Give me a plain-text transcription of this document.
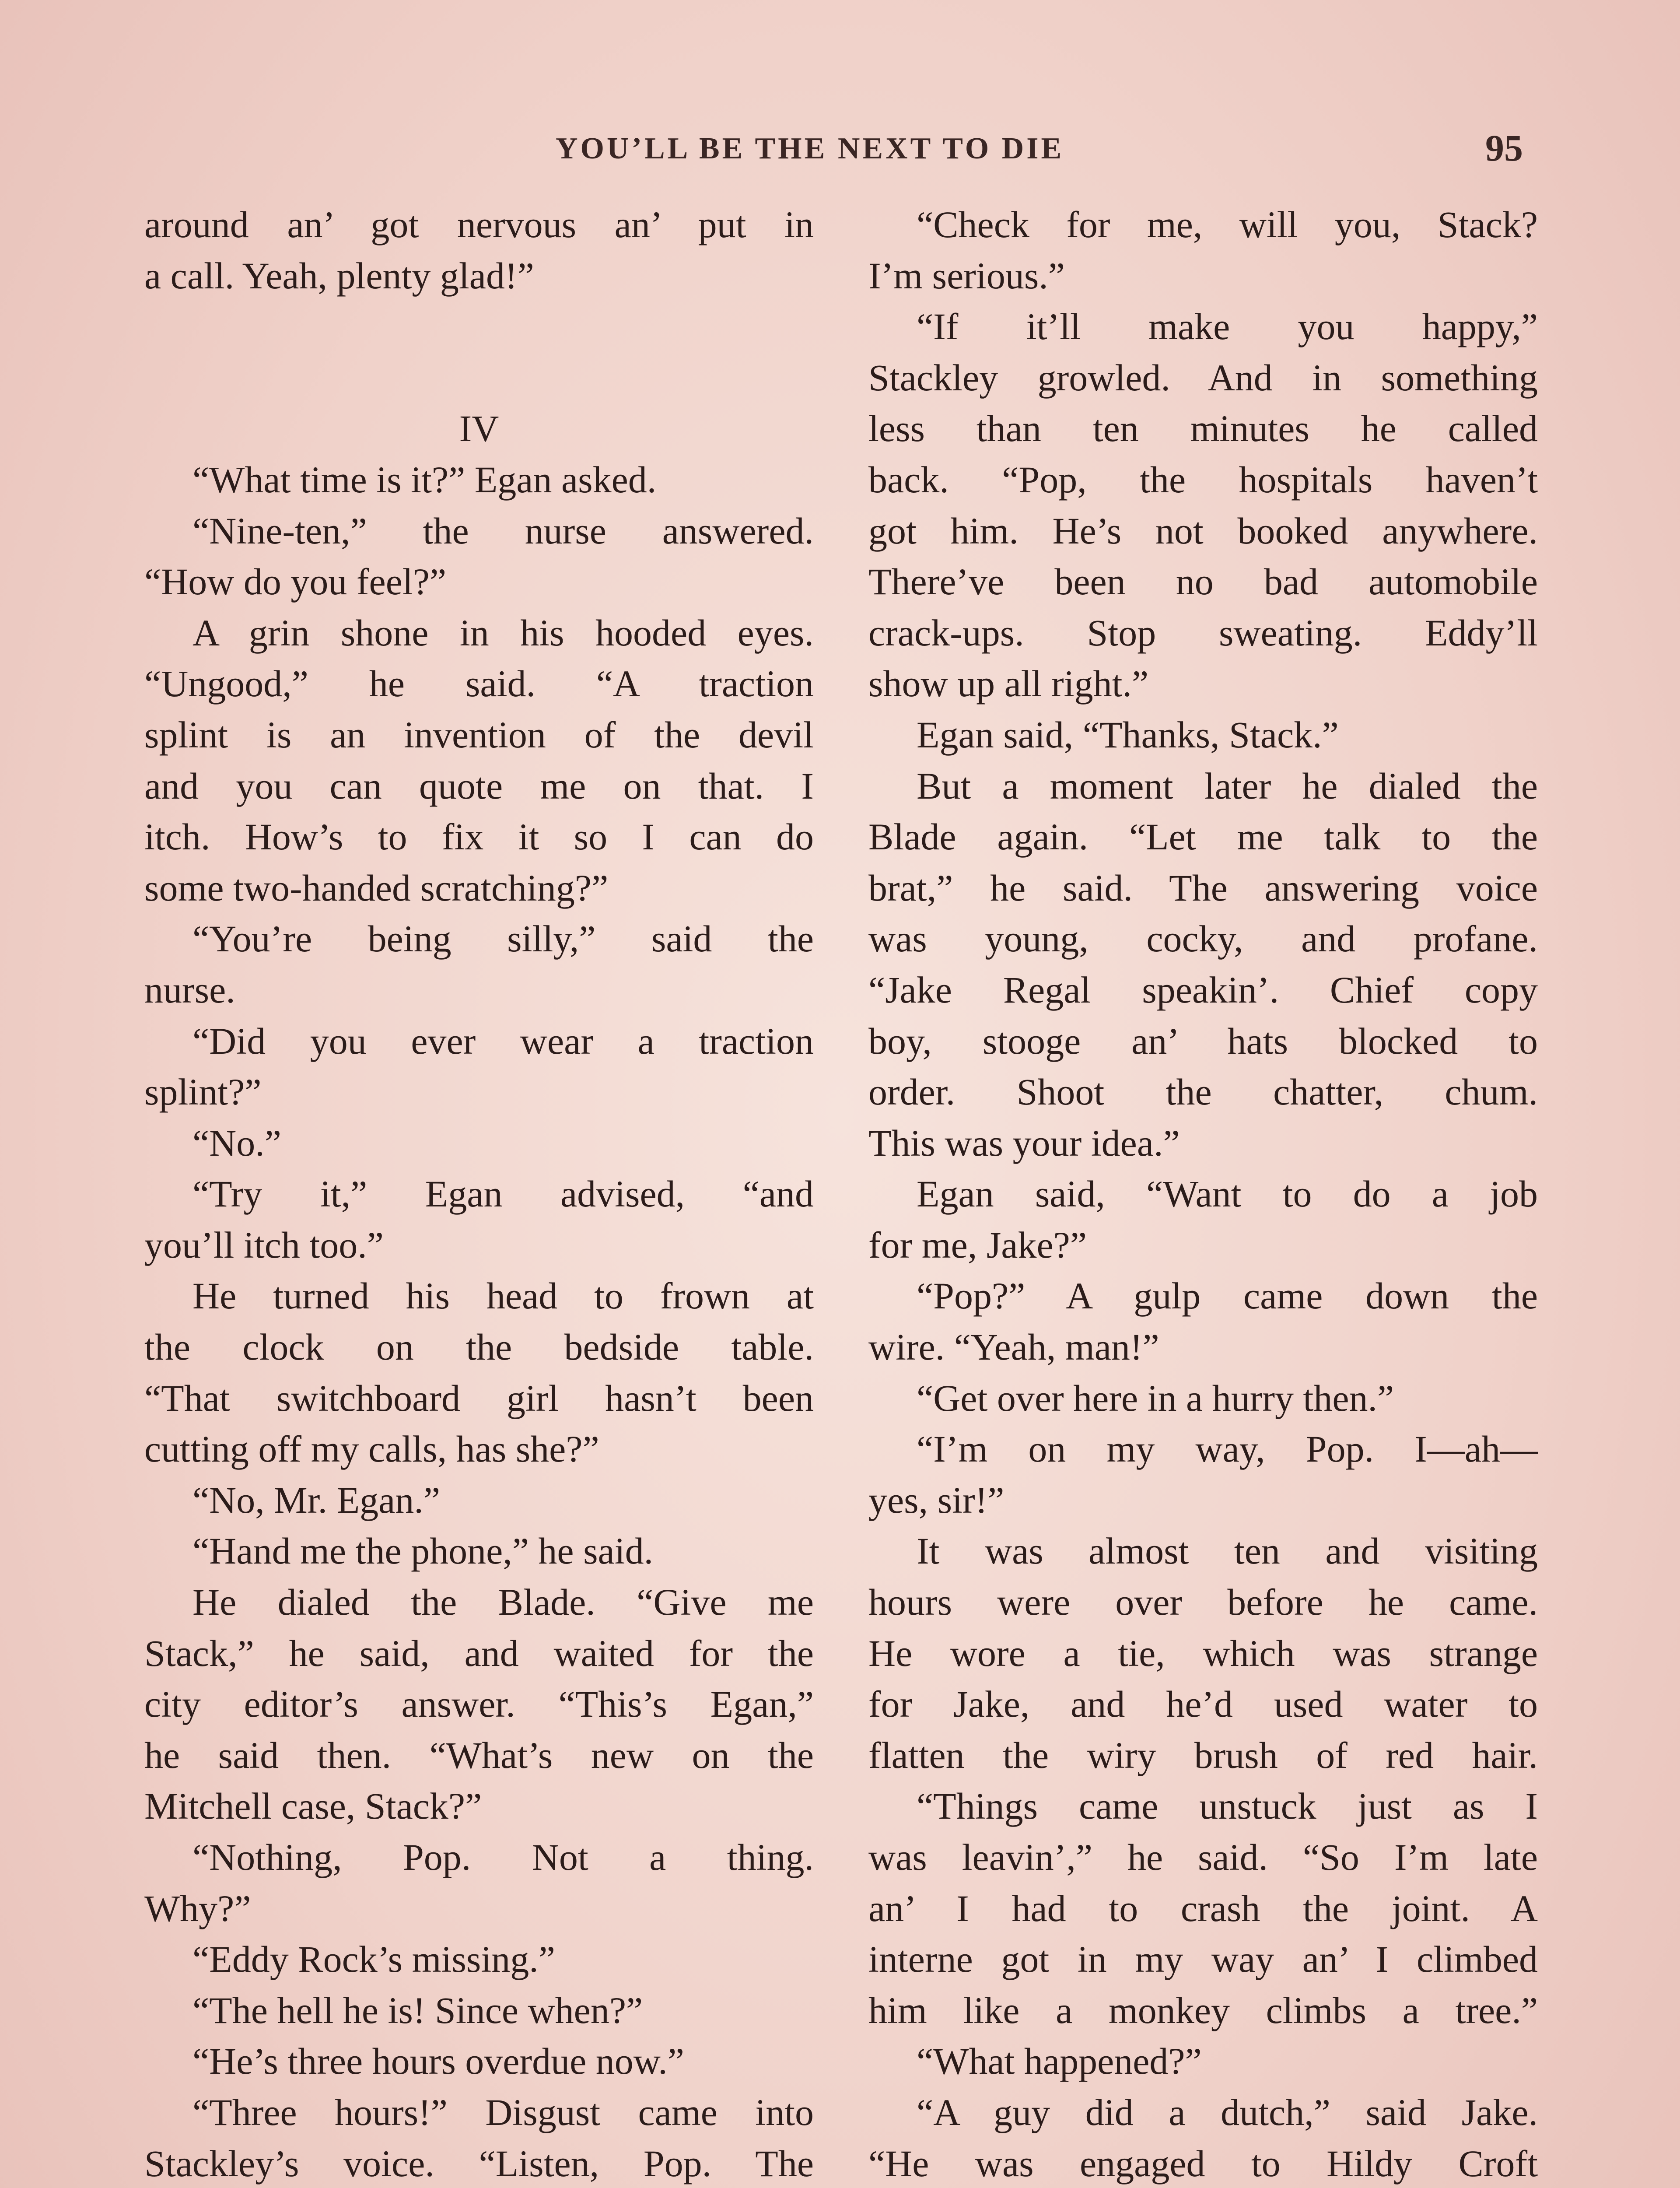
YOU’LL BE THE NEXT TO DIE	95
around an’ got nervous an’ put in
a call. Yeah, plenty glad!”
IV
“What time is it?” Egan asked.
“Nine-ten,” the nurse answered.
“How do you feel?”
A grin shone in his hooded eyes.
“Ungood,” he said. “A traction
splint is an invention of the devil
and you can quote me on that. I
itch. How’s to fix it so I can do
some two-handed scratching?”
“You’re being silly,” said the
nurse.
“Did you ever wear a traction
splint?”
“No.”
“Try it,” Egan advised, “and
you’ll itch too.”
He turned his head to frown at
the clock on the bedside table.
“That switchboard girl hasn’t been
cutting off my calls, has she?”
“No, Mr. Egan.”
“Hand me the phone,” he said.
He dialed the Blade. “Give me
Stack,” he said, and waited for the
city editor’s answer. “This’s Egan,”
he said then. “What’s new on the
Mitchell case, Stack?”
“Nothing, Pop. Not a thing.
Why?”
“Eddy Rock’s missing.”
“The hell he is! Since when?”
“He’s three hours overdue now.”
“Three hours!” Disgust came into
Stackley’s voice. “Listen, Pop. The
“Check for me, will you, Stack?
I’m serious.”
“If it’ll make you happy,”
Stackley growled. And in something
less than ten minutes he called
back. “Pop, the hospitals haven’t
got him. He’s not booked anywhere.
There’ve been no bad automobile
crack-ups. Stop sweating. Eddy’ll
show up all right.”
Egan said, “Thanks, Stack.”
But a moment later he dialed the
Blade again. “Let me talk to the
brat,” he said. The answering voice
was young, cocky, and profane.
“Jake Regal speakin’. Chief copy
boy, stooge an’ hats blocked to
order. Shoot the chatter, chum.
This was your idea.”
Egan said, “Want to do a job
for me, Jake?”
“Pop?” A gulp came down the
wire. “Yeah, man!”
“Get over here in a hurry then.”
“I’m on my way, Pop. I—ah—
yes, sir!”
It was almost ten and visiting
hours were over before he came.
He wore a tie, which was strange
for Jake, and he’d used water to
flatten the wiry brush of red hair.
“Things came unstuck just as I
was leavin’,” he said. “So I’m late
an’ I had to crash the joint. A
interne got in my way an’ I climbed
him like a monkey climbs a tree.”
“What happened?”
“A guy did a dutch,” said Jake.
“He was engaged to Hildy Croft
